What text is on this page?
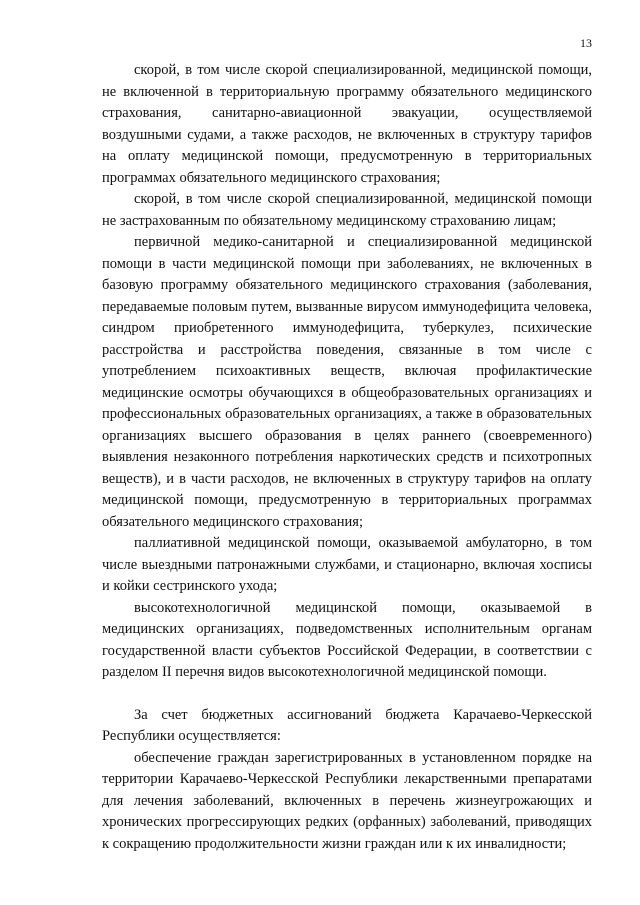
13

скорой, в том числе скорой специализированной, медицинской помощи, не включенной в территориальную программу обязательного медицинского страхования, санитарно-авиационной эвакуации, осуществляемой воздушными судами, а также расходов, не включенных в структуру тарифов на оплату медицинской помощи, предусмотренную в территориальных программах обязательного медицинского страхования;

скорой, в том числе скорой специализированной, медицинской помощи не застрахованным по обязательному медицинскому страхованию лицам;

первичной медико-санитарной и специализированной медицинской помощи в части медицинской помощи при заболеваниях, не включенных в базовую программу обязательного медицинского страхования (заболевания, передаваемые половым путем, вызванные вирусом иммунодефицита человека, синдром приобретенного иммунодефицита, туберкулез, психические расстройства и расстройства поведения, связанные в том числе с употреблением психоактивных веществ, включая профилактические медицинские осмотры обучающихся в общеобразовательных организациях и профессиональных образовательных организациях, а также в образовательных организациях высшего образования в целях раннего (своевременного) выявления незаконного потребления наркотических средств и психотропных веществ), и в части расходов, не включенных в структуру тарифов на оплату медицинской помощи, предусмотренную в территориальных программах обязательного медицинского страхования;

паллиативной медицинской помощи, оказываемой амбулаторно, в том числе выездными патронажными службами, и стационарно, включая хосписы и койки сестринского ухода;

высокотехнологичной медицинской помощи, оказываемой в медицинских организациях, подведомственных исполнительным органам государственной власти субъектов Российской Федерации, в соответствии с разделом II перечня видов высокотехнологичной медицинской помощи.

За счет бюджетных ассигнований бюджета Карачаево-Черкесской Республики осуществляется:

обеспечение граждан зарегистрированных в установленном порядке на территории Карачаево-Черкесской Республики лекарственными препаратами для лечения заболеваний, включенных в перечень жизнеугрожающих и хронических прогрессирующих редких (орфанных) заболеваний, приводящих к сокращению продолжительности жизни граждан или к их инвалидности;
